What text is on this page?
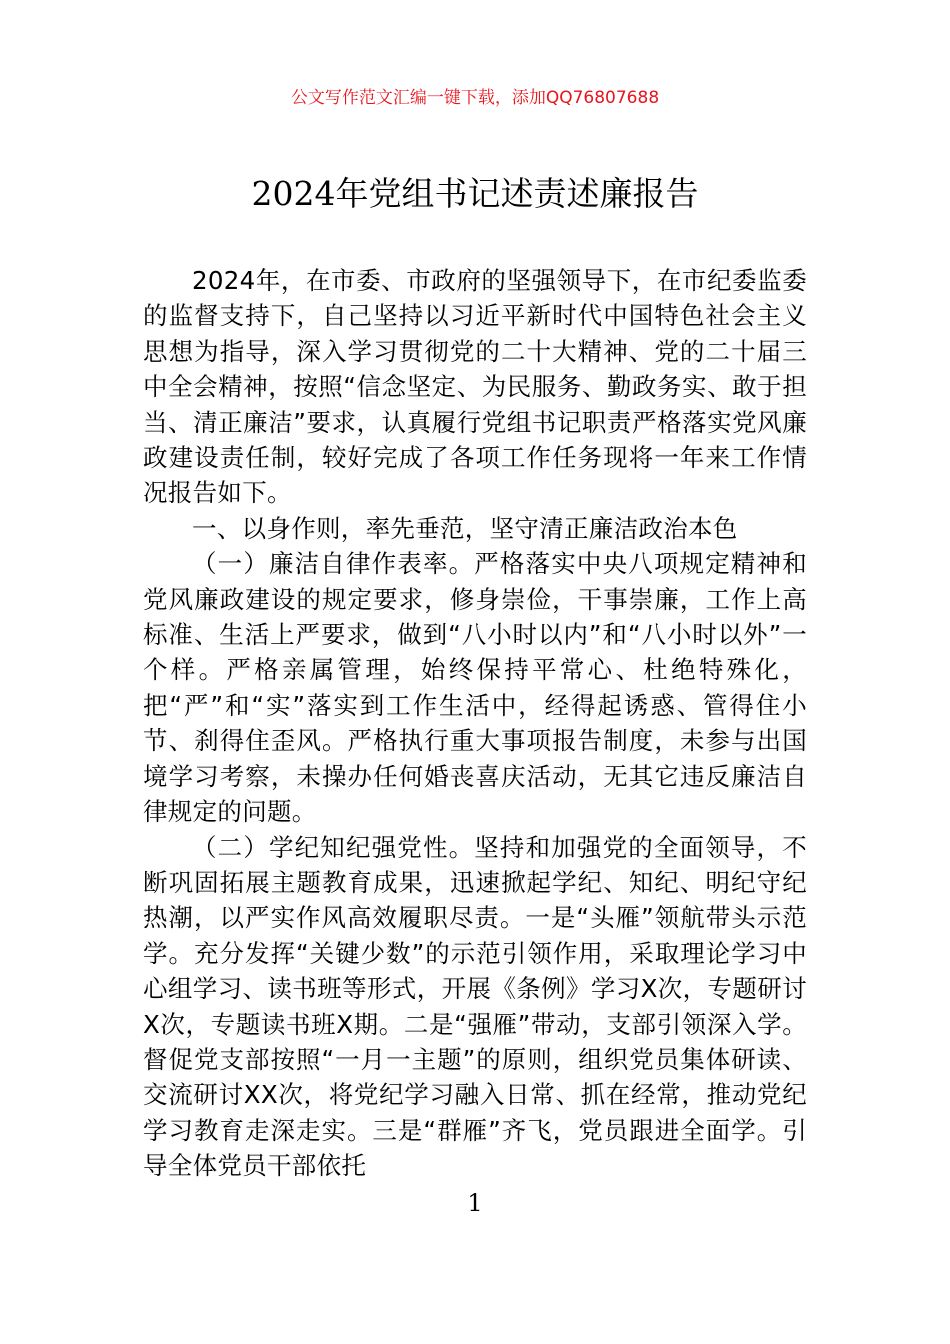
公文写作范文汇编一键下载，添加QQ76807688
2024年党组书记述责述廉报告

2024年，在市委、市政府的坚强领导下，在市纪委监委的监督支持下，自己坚持以习近平新时代中国特色社会主义思想为指导，深入学习贯彻党的二十大精神、党的二十届三中全会精神，按照“信念坚定、为民服务、勤政务实、敢于担当、清正廉洁”要求，认真履行党组书记职责严格落实党风廉政建设责任制，较好完成了各项工作任务现将一年来工作情况报告如下。

一、以身作则，率先垂范，坚守清正廉洁政治本色

（一）廉洁自律作表率。严格落实中央八项规定精神和党风廉政建设的规定要求，修身崇俭，干事崇廉，工作上高标准、生活上严要求，做到“八小时以内”和“八小时以外”一个样。严格亲属管理，始终保持平常心、杜绝特殊化，把“严”和“实”落实到工作生活中，经得起诱惑、管得住小节、刹得住歪风。严格执行重大事项报告制度，未参与出国境学习考察，未操办任何婚丧喜庆活动，无其它违反廉洁自律规定的问题。

（二）学纪知纪强党性。坚持和加强党的全面领导，不断巩固拓展主题教育成果，迅速掀起学纪、知纪、明纪守纪热潮，以严实作风高效履职尽责。一是“头雁”领航带头示范学。充分发挥“关键少数”的示范引领作用，采取理论学习中心组学习、读书班等形式，开展《条例》学习X次，专题研讨X次，专题读书班X期。二是“强雁”带动，支部引领深入学。督促党支部按照“一月一主题”的原则，组织党员集体研读、交流研讨XX次，将党纪学习融入日常、抓在经常，推动党纪学习教育走深走实。三是“群雁”齐飞，党员跟进全面学。引导全体党员干部依托

1
